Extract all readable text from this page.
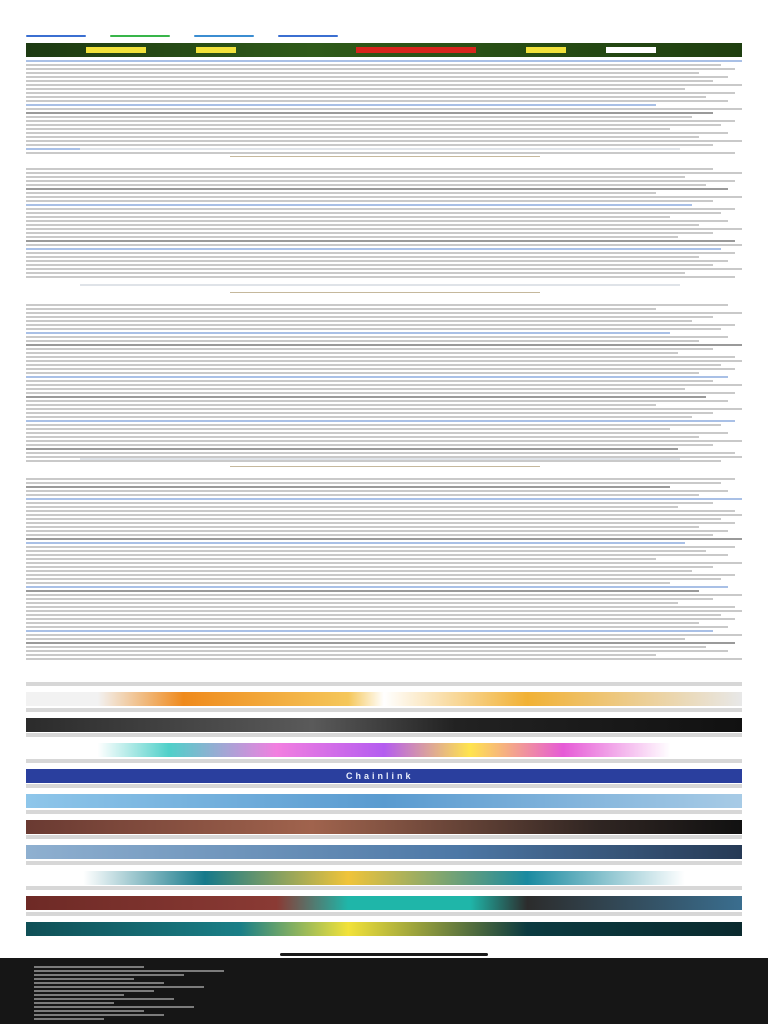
Chainlink
